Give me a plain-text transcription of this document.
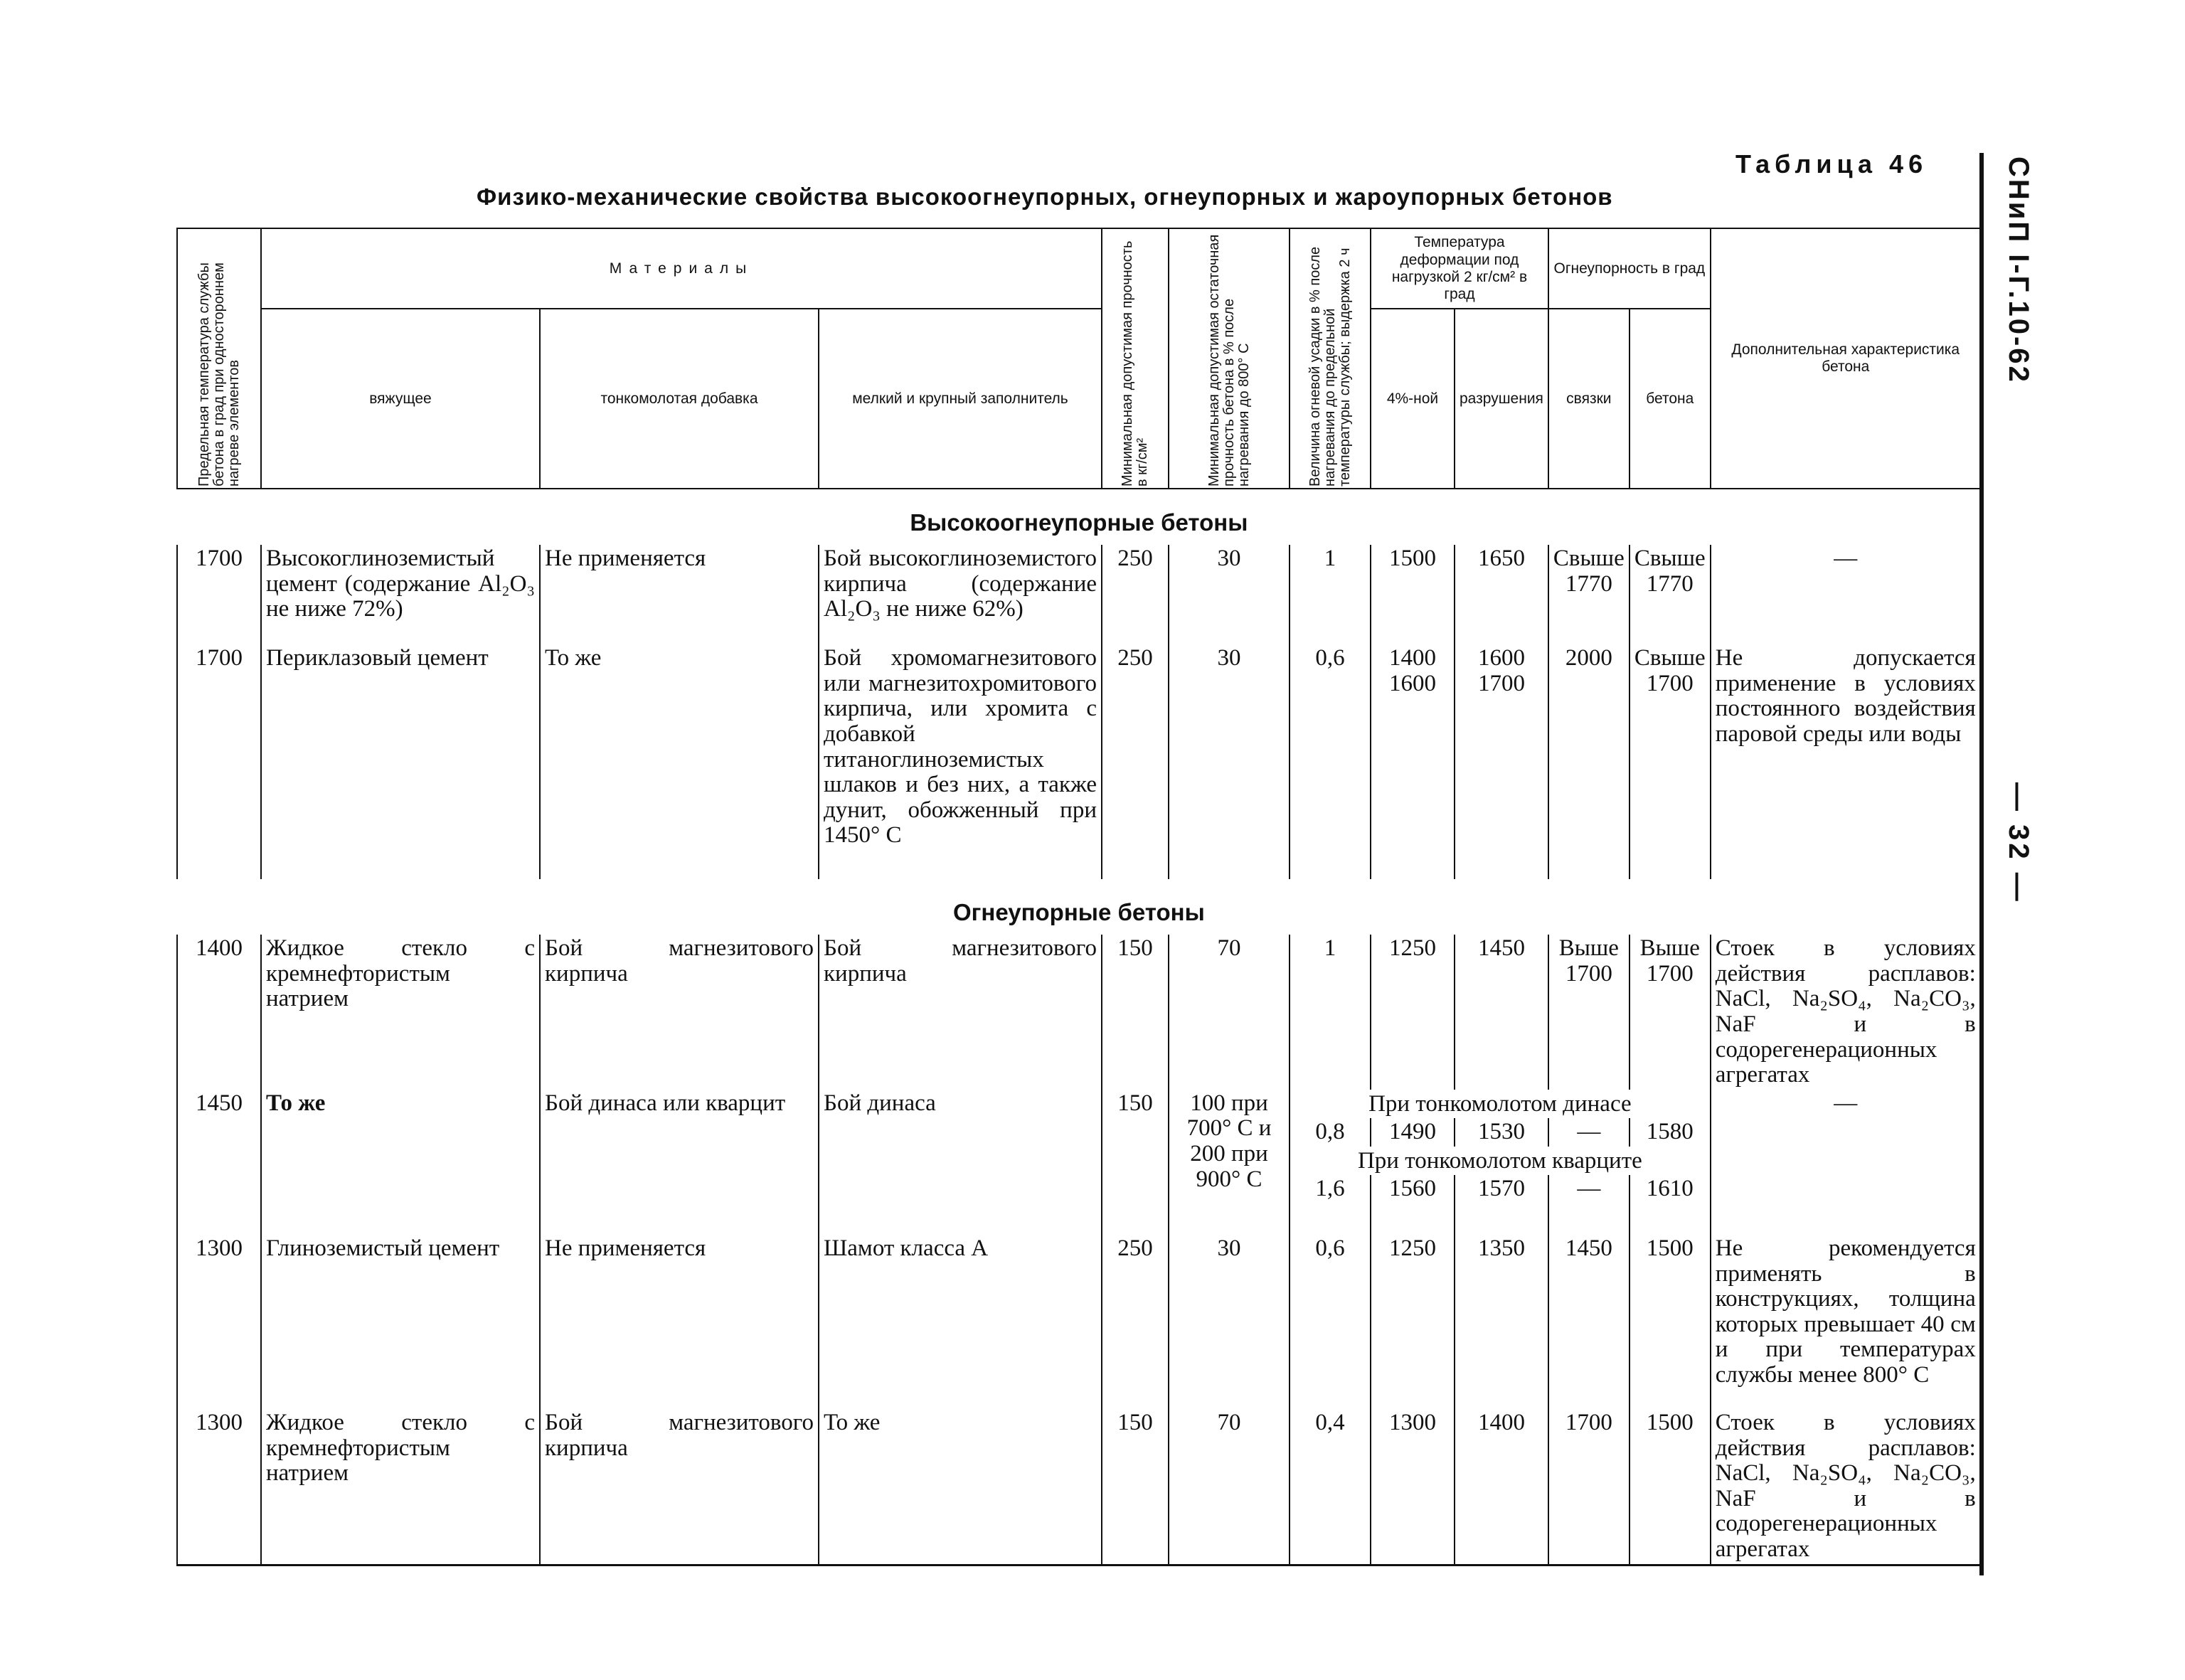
СНиП I-Г.10-62
— 32 —
Таблица 46
Физико-механические свойства высокоогнеупорных, огнеупорных и жароупорных бетонов
Предельная температура службы бетона в град при одностороннем нагреве элементов	Материалы			Минимальная допустимая прочность в кг/см²	Минимальная допустимая остаточная прочность бетона в % после нагревания до 800° С	Величина огневой усадки в % после нагревания до предельной температуры службы; выдержка 2 ч	Температура деформации под нагрузкой 2 кг/см² в град		Огнеупорность в град		Дополнительная характеристика бетона
	вяжущее	тонкомолотая добавка	мелкий и крупный заполнитель				4%-ной	разрушения	связки	бетона	
Высокоогнеупорные бетоны											
1700	Высокоглиноземистый цемент (содержание Al₂O₃ не ниже 72%)	Не применяется	Бой высокоглиноземистого кирпича (содержание Al₂O₃ не ниже 62%)	250	30	1	1500	1650	Свыше 1770	Свыше 1770	—
1700	Периклазовый цемент	То же	Бой хромомагнезитового или магнезитохромитового кирпича, или хромита с добавкой титаноглиноземистых шлаков и без них, а также дунит, обожженный при 1450° С	250	30	0,6	1400 1600	1600 1700	2000	Свыше 1700	Не допускается применение в условиях постоянного воздействия паровой среды или воды
Огнеупорные бетоны											
1400	Жидкое стекло с кремнефтористым натрием	Бой магнезитового кирпича	Бой магнезитового кирпича	150	70	1	1250	1450	Выше 1700	Выше 1700	Стоек в условиях действия расплавов: NaCl, Na₂SO₄, Na₂CO₃, NaF и в содорегенерационных агрегатах
1450	То же	Бой динаса или кварцит	Бой динаса	150	100 при 700° С и 200 при 900° С	При тонкомолотом динасе					—
						0,8	1490	1530	—	1580	
						При тонкомолотом кварците					
						1,6	1560	1570	—	1610	
1300	Глиноземистый цемент	Не применяется	Шамот класса А	250	30	0,6	1250	1350	1450	1500	Не рекомендуется применять в конструкциях, толщина которых превышает 40 см и при температурах службы менее 800° С
1300	Жидкое стекло с кремнефтористым натрием	Бой магнезитового кирпича	То же	150	70	0,4	1300	1400	1700	1500	Стоек в условиях действия расплавов: NaCl, Na₂SO₄, Na₂CO₃, NaF и в содорегенерационных агрегатах
